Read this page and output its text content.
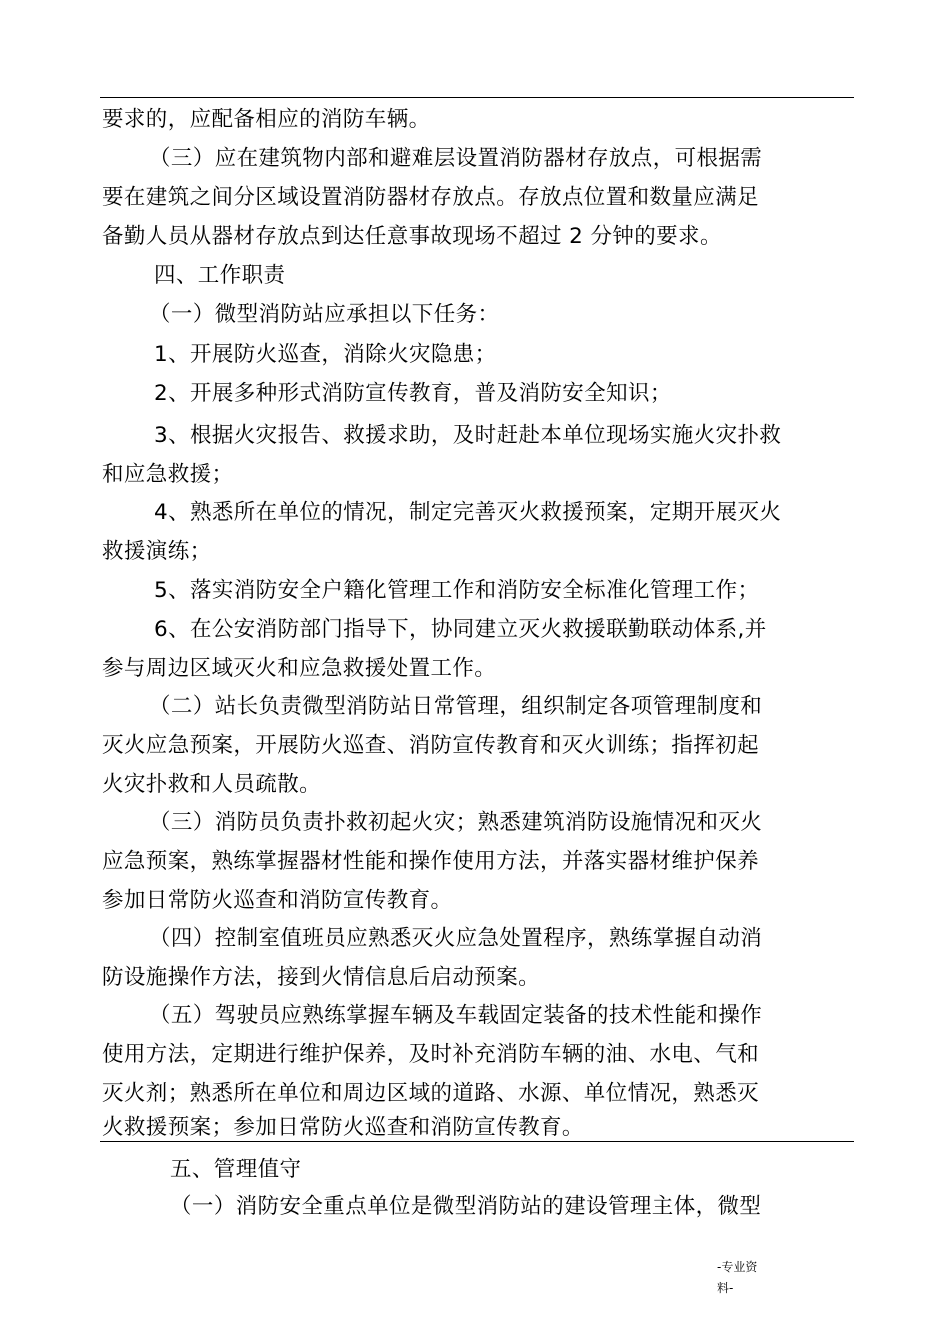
要求的，应配备相应的消防车辆。
（三）应在建筑物内部和避难层设置消防器材存放点，可根据需
要在建筑之间分区域设置消防器材存放点。存放点位置和数量应满足
备勤人员从器材存放点到达任意事故现场不超过 2 分钟的要求。
四、工作职责
（一）微型消防站应承担以下任务：
1、开展防火巡查，消除火灾隐患；
2、开展多种形式消防宣传教育，普及消防安全知识；
3、根据火灾报告、救援求助，及时赶赴本单位现场实施火灾扑救
和应急救援；
4、熟悉所在单位的情况，制定完善灭火救援预案，定期开展灭火
救援演练；
5、落实消防安全户籍化管理工作和消防安全标准化管理工作；
6、在公安消防部门指导下，协同建立灭火救援联勤联动体系,并
参与周边区域灭火和应急救援处置工作。
（二）站长负责微型消防站日常管理，组织制定各项管理制度和
灭火应急预案，开展防火巡查、消防宣传教育和灭火训练；指挥初起
火灾扑救和人员疏散。
（三）消防员负责扑救初起火灾；熟悉建筑消防设施情况和灭火
应急预案，熟练掌握器材性能和操作使用方法，并落实器材维护保养
参加日常防火巡查和消防宣传教育。
（四）控制室值班员应熟悉灭火应急处置程序，熟练掌握自动消
防设施操作方法，接到火情信息后启动预案。
（五）驾驶员应熟练掌握车辆及车载固定装备的技术性能和操作
使用方法，定期进行维护保养，及时补充消防车辆的油、水电、气和
灭火剂；熟悉所在单位和周边区域的道路、水源、单位情况，熟悉灭
火救援预案；参加日常防火巡查和消防宣传教育。
五、管理值守
（一）消防安全重点单位是微型消防站的建设管理主体，微型
-专业资
料-
